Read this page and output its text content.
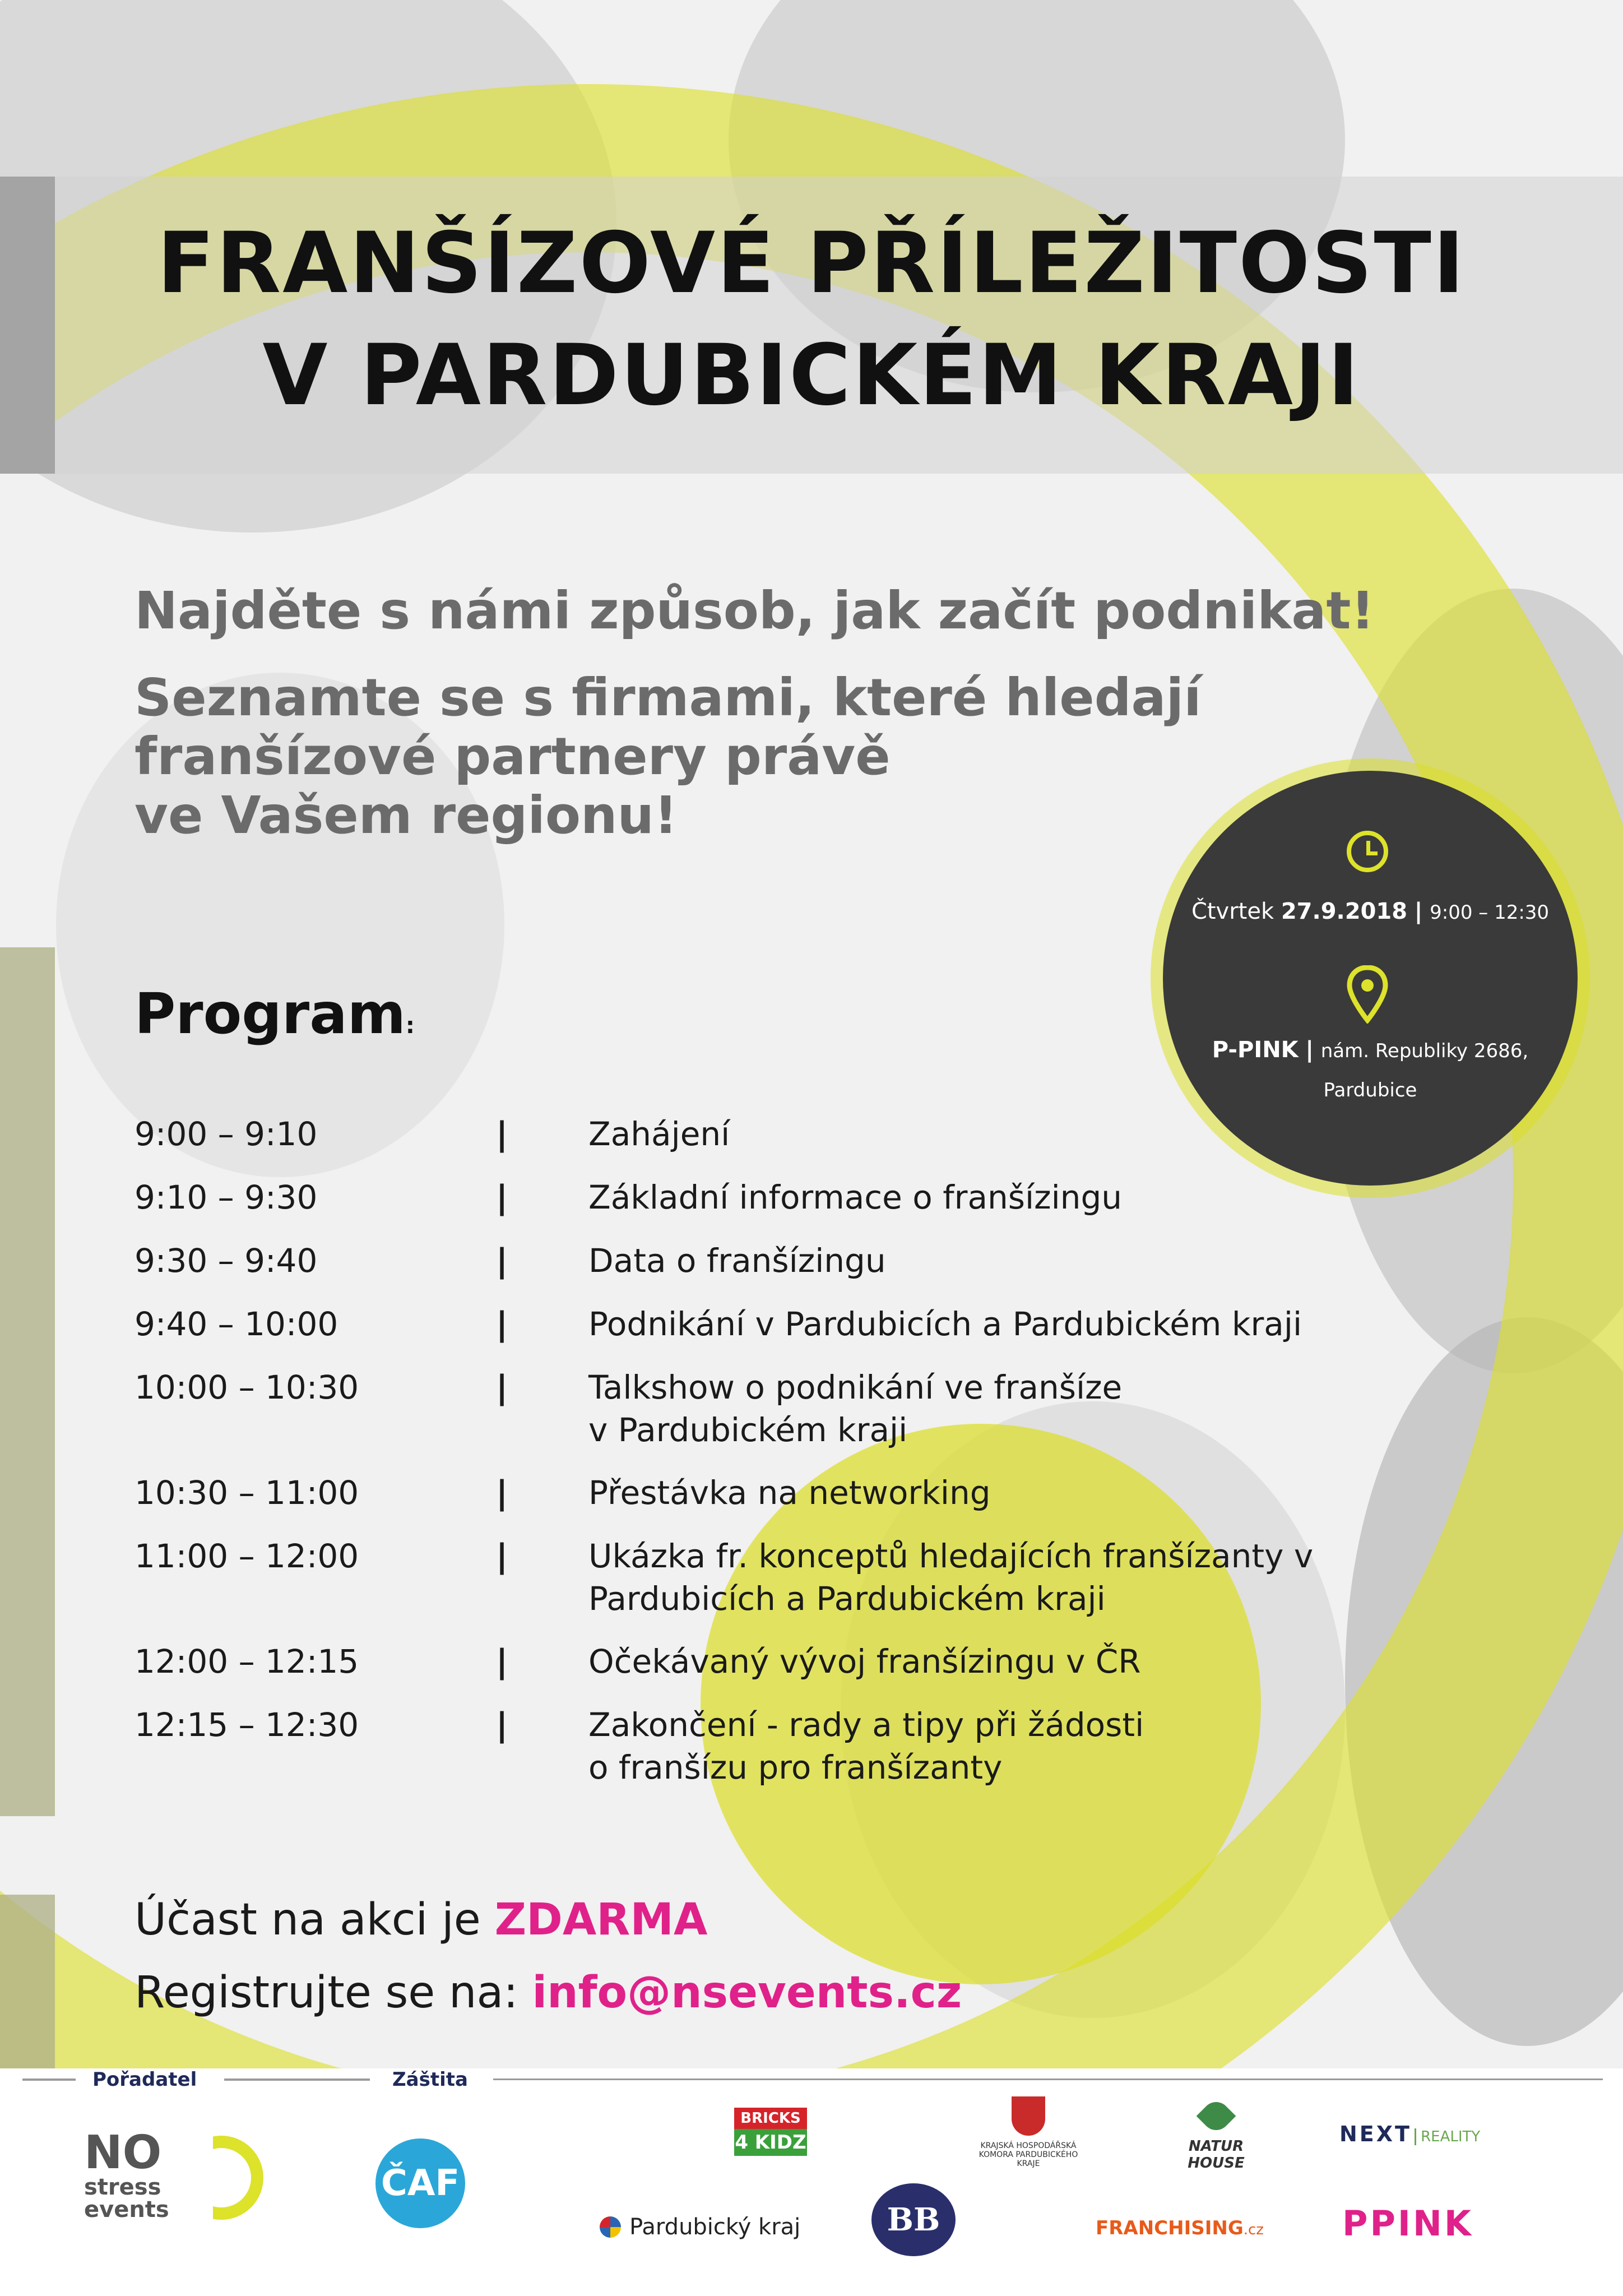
FRANŠÍZOVÉ PŘÍLEŽITOSTI
V PARDUBICKÉM KRAJI
Najděte s námi způsob, jak začít podnikat!
Seznamte se s firmami, které hledají
franšízové partnery právě
ve Vašem regionu!
Čtvrtek 27.9.2018 | 9:00 – 12:30
P-PINK | nám. Republiky 2686,
Pardubice
Program:
9:00 – 9:10	| Zahájení
9:10 – 9:30	| Základní informace o franšízingu
9:30 – 9:40	| Data o franšízingu
9:40 – 10:00	| Podnikání v Pardubicích a Pardubickém kraji
10:00 – 10:30	| Talkshow o podnikání ve franšíze
v Pardubickém kraji
10:30 – 11:00	| Přestávka na networking
11:00 – 12:00	| Ukázka fr. konceptů hledajících franšízanty v
Pardubicích a Pardubickém kraji
12:00 – 12:15	| Očekávaný vývoj franšízingu v ČR
12:15 – 12:30	| Zakončení - rady a tipy při žádosti
o franšízu pro franšízanty
Účast na akci je ZDARMA
Registrujte se na: info@nsevents.cz
Pořadatel	Záštita
NO
stress
events
ČAF
BRICKS
4 KIDZ	KRAJSKÁ HOSPODÁŘSKÁ KOMORA PARDUBICKÉHO KRAJE
NATUR HOUSE
NEXT REALITY
Pardubický kraj	BB	FRANCHISING.cz PPINK
